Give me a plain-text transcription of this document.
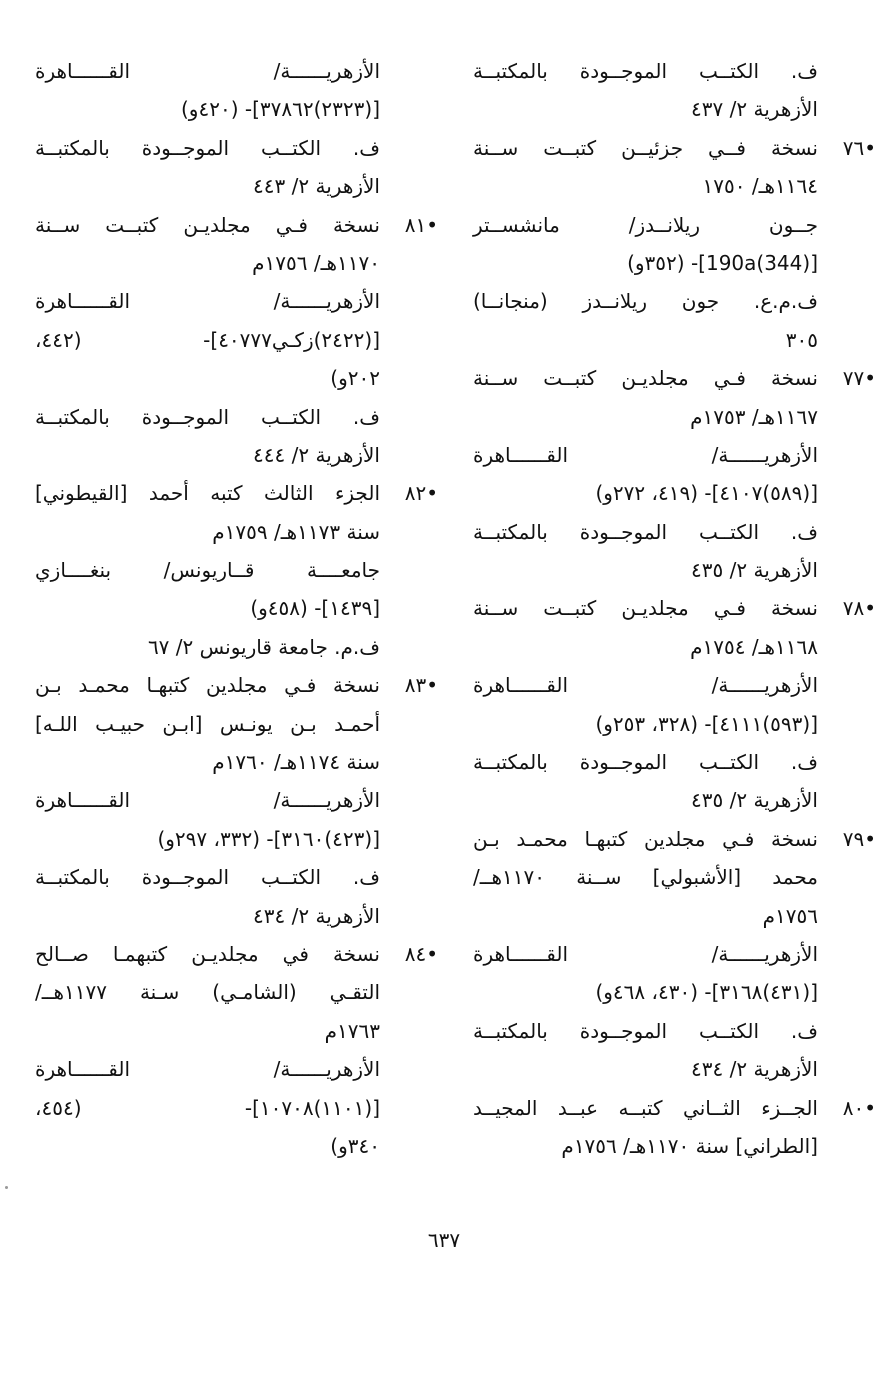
ف. الكتــب الموجــودة بالمكتبــة
الأزهرية ٢/ ٤٣٧
•٧٦
نسخة فــي جزئيــن كتبــت ســنة
١١٦٤هـ/ ١٧٥٠
جــون ريلانــدز/ مانشســتر
[190a(344)]- (٣٥٢و)
ف.م.ع. جون ريلانــدز (منجانــا)
٣٠٥
•٧٧
نسخة فـي مجلديـن كتبــت ســنة
١١٦٧هـ/ ١٧٥٣م
الأزهريــــــة/ القــــــاهرة
[(٥٨٩)٤١٠٧]- (٤١٩، ٢٧٢و)
ف. الكتــب الموجــودة بالمكتبــة
الأزهرية ٢/ ٤٣٥
•٧٨
نسخة فـي مجلديـن كتبــت ســنة
١١٦٨هـ/ ١٧٥٤م
الأزهريــــــة/ القــــــاهرة
[(٥٩٣)٤١١١]- (٣٢٨، ٢٥٣و)
ف. الكتــب الموجــودة بالمكتبــة
الأزهرية ٢/ ٤٣٥
•٧٩
نسخة فـي مجلدين كتبهـا محمـد بـن
محمد [الأشبولي] ســنة ١١٧٠هــ/
١٧٥٦م
الأزهريــــــة/ القــــــاهرة
[(٤٣١)٣١٦٨]- (٤٣٠، ٤٦٨و)
ف. الكتــب الموجــودة بالمكتبــة
الأزهرية ٢/ ٤٣٤
•٨٠
الجــزء الثــاني كتبــه عبــد المجيــد
[الطراني] سنة ١١٧٠هـ/ ١٧٥٦م
الأزهريــــــة/ القــــــاهرة
[(٢٣٢٣)٣٧٨٦٢]- (٤٢٠و)
ف. الكتــب الموجــودة بالمكتبــة
الأزهرية ٢/ ٤٤٣
•٨١
نسخة فـي مجلديـن كتبــت ســنة
١١٧٠هـ/ ١٧٥٦م
الأزهريــــــة/ القــــــاهرة
[(٢٤٢٢)زكـي٤٠٧٧٧]- (٤٤٢،
٢٠٢و)
ف. الكتــب الموجــودة بالمكتبــة
الأزهرية ٢/ ٤٤٤
•٨٢
الجزء الثالث كتبه أحمد [القيطوني]
سنة ١١٧٣هـ/ ١٧٥٩م
جامعــــة قــاريونس/ بنغــــازي
[١٤٣٩]- (٤٥٨و)
ف.م. جامعة قاريونس ٢/ ٦٧
•٨٣
نسخة فـي مجلدين كتبهـا محمـد بـن
أحمـد بـن يونـس [ابـن حبيـب اللـه]
سنة ١١٧٤هـ/ ١٧٦٠م
الأزهريــــــة/ القــــــاهرة
[(٤٢٣)٣١٦٠]- (٣٣٢، ٢٩٧و)
ف. الكتــب الموجــودة بالمكتبــة
الأزهرية ٢/ ٤٣٤
•٨٤
نسخة في مجلديـن كتبهمـا صــالح
التقـي (الشامـي) سـنة ١١٧٧هــ/
١٧٦٣م
الأزهريــــــة/ القــــــاهرة
[(١١٠١)١٠٧٠٨]- (٤٥٤،
٣٤٠و)
٦٣٧
